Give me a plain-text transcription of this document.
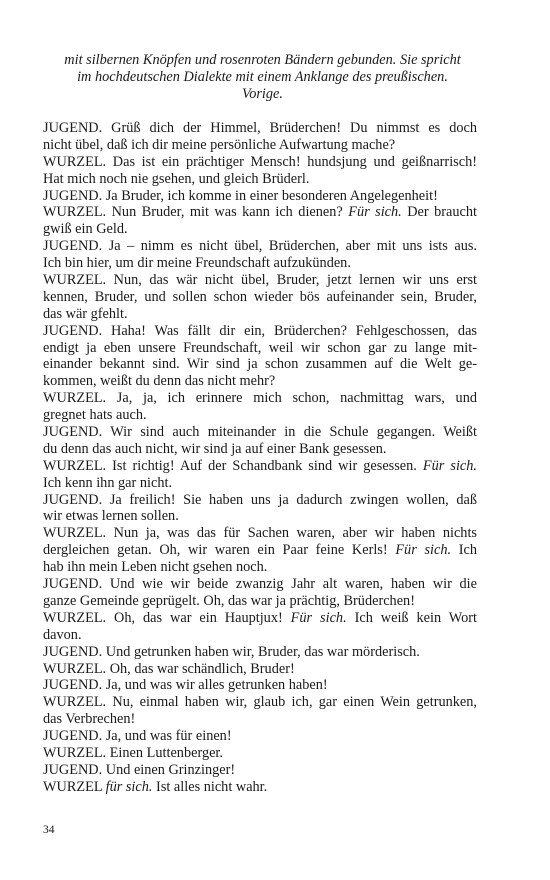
mit silbernen Knöpfen und rosenroten Bändern gebunden. Sie spricht
im hochdeutschen Dialekte mit einem Anklange des preußischen.
Vorige.
JUGEND. Grüß dich der Himmel, Brüderchen! Du nimmst es doch
nicht übel, daß ich dir meine persönliche Aufwartung mache?
WURZEL. Das ist ein prächtiger Mensch! hundsjung und geißnarrisch!
Hat mich noch nie gsehen, und gleich Brüderl.
JUGEND. Ja Bruder, ich komme in einer besonderen Angelegenheit!
WURZEL. Nun Bruder, mit was kann ich dienen? Für sich. Der braucht
gwiß ein Geld.
JUGEND. Ja – nimm es nicht übel, Brüderchen, aber mit uns ists aus.
Ich bin hier, um dir meine Freundschaft aufzukünden.
WURZEL. Nun, das wär nicht übel, Bruder, jetzt lernen wir uns erst
kennen, Bruder, und sollen schon wieder bös aufeinander sein, Bruder,
das wär gfehlt.
JUGEND. Haha! Was fällt dir ein, Brüderchen? Fehlgeschossen, das
endigt ja eben unsere Freundschaft, weil wir schon gar zu lange mit-
einander bekannt sind. Wir sind ja schon zusammen auf die Welt ge-
kommen, weißt du denn das nicht mehr?
WURZEL. Ja, ja, ich erinnere mich schon, nachmittag wars, und
gregnet hats auch.
JUGEND. Wir sind auch miteinander in die Schule gegangen. Weißt
du denn das auch nicht, wir sind ja auf einer Bank gesessen.
WURZEL. Ist richtig! Auf der Schandbank sind wir gesessen. Für sich.
Ich kenn ihn gar nicht.
JUGEND. Ja freilich! Sie haben uns ja dadurch zwingen wollen, daß
wir etwas lernen sollen.
WURZEL. Nun ja, was das für Sachen waren, aber wir haben nichts
dergleichen getan. Oh, wir waren ein Paar feine Kerls! Für sich. Ich
hab ihn mein Leben nicht gsehen noch.
JUGEND. Und wie wir beide zwanzig Jahr alt waren, haben wir die
ganze Gemeinde geprügelt. Oh, das war ja prächtig, Brüderchen!
WURZEL. Oh, das war ein Hauptjux! Für sich. Ich weiß kein Wort
davon.
JUGEND. Und getrunken haben wir, Bruder, das war mörderisch.
WURZEL. Oh, das war schändlich, Bruder!
JUGEND. Ja, und was wir alles getrunken haben!
WURZEL. Nu, einmal haben wir, glaub ich, gar einen Wein getrunken,
das Verbrechen!
JUGEND. Ja, und was für einen!
WURZEL. Einen Luttenberger.
JUGEND. Und einen Grinzinger!
WURZEL für sich. Ist alles nicht wahr.
34
